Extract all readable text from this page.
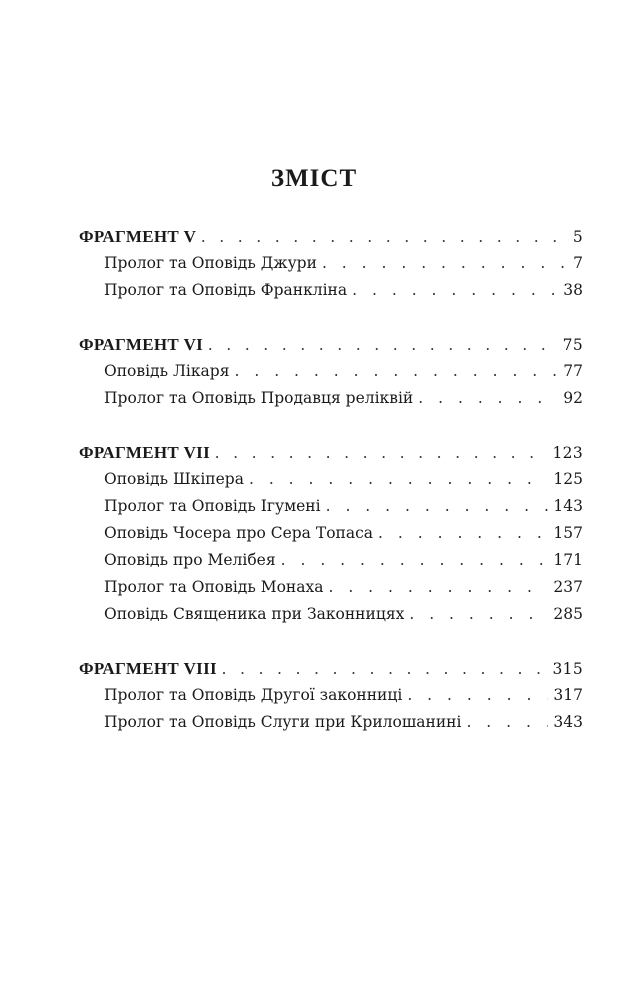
ЗМІСТ
ФРАГМЕНТ V . . .	5
Пролог та Оповідь Джури . . .	7
Пролог та Оповідь Франкліна . . .	38
ФРАГМЕНТ VI . . .	75
Оповідь Лікаря . . .	77
Пролог та Оповідь Продавця реліквій . . .	92
ФРАГМЕНТ VII . . .	123
Оповідь Шкіпера . . .	125
Пролог та Оповідь Ігумені . . .	143
Оповідь Чосера про Сера Топаса . . .	157
Оповідь про Мелібея . . .	171
Пролог та Оповідь Монаха . . .	237
Оповідь Священика при Законницях . . .	285
ФРАГМЕНТ VIII . . .	315
Пролог та Оповідь Другої законниці . . .	317
Пролог та Оповідь Слуги при Крилошанині . . .	343
